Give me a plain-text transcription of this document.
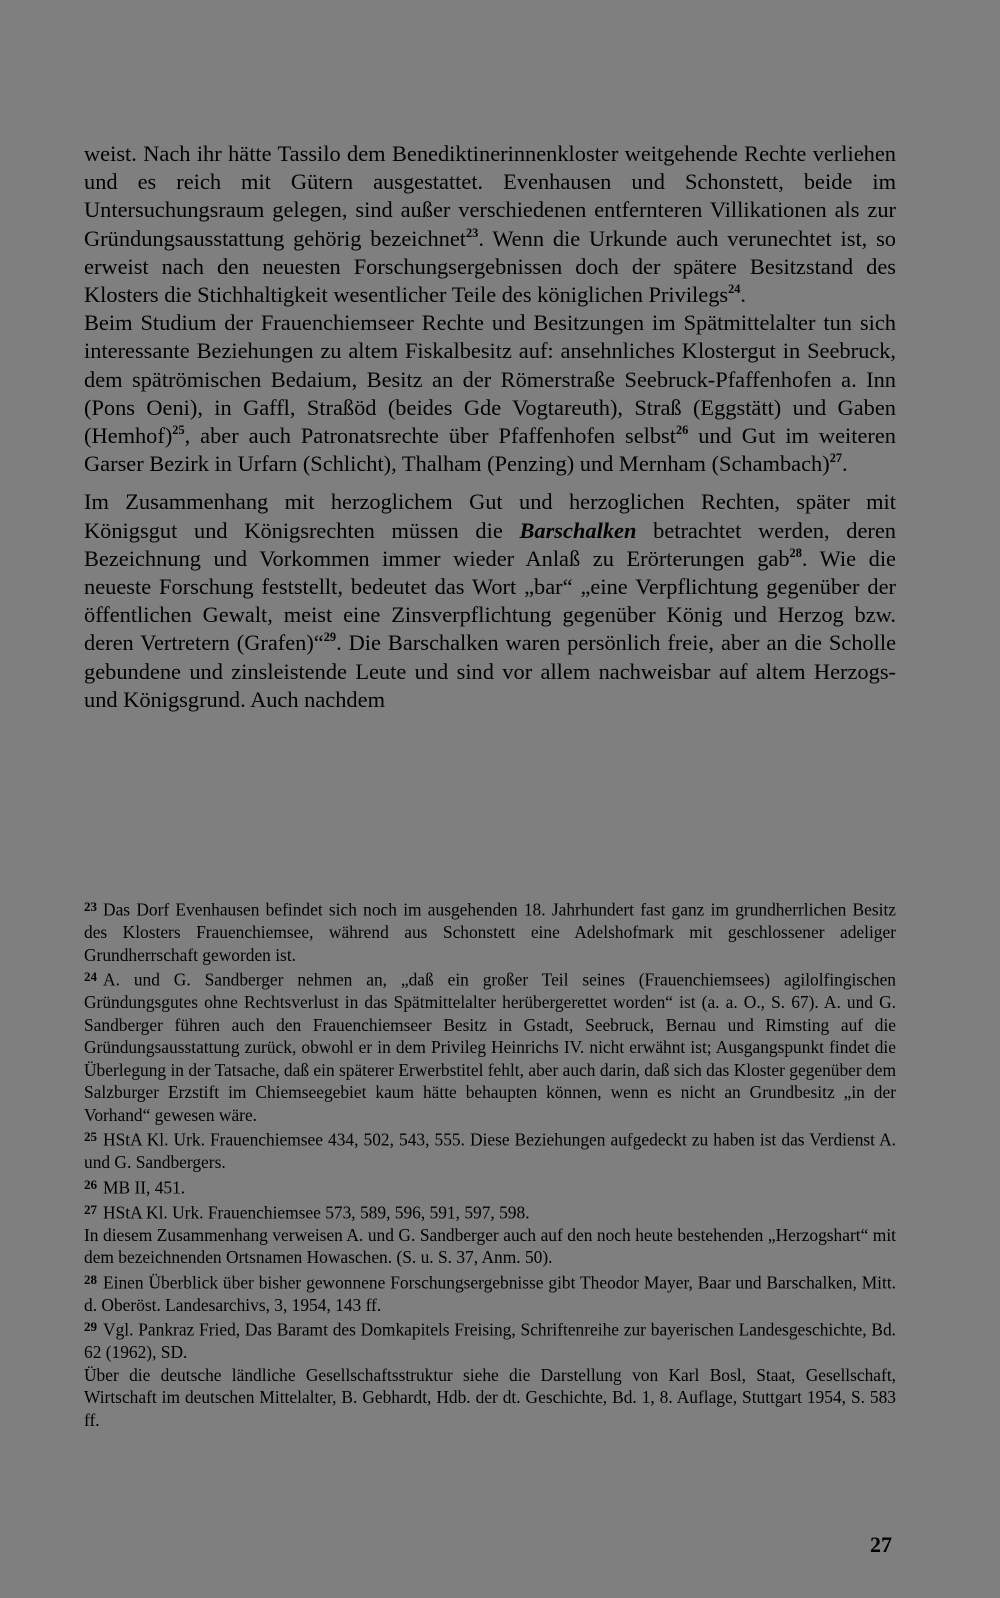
weist. Nach ihr hätte Tassilo dem Benediktinerinnenkloster weitgehende Rechte verliehen und es reich mit Gütern ausgestattet. Evenhausen und Schonstett, beide im Untersuchungsraum gelegen, sind außer verschiedenen entfernteren Villikationen als zur Gründungsausstattung gehörig bezeichnet$^{23}$. Wenn die Urkunde auch verunechtet ist, so erweist nach den neuesten Forschungsergebnissen doch der spätere Besitzstand des Klosters die Stichhaltigkeit wesentlicher Teile des königlichen Privilegs$^{24}$.

Beim Studium der Frauenchiemseer Rechte und Besitzungen im Spätmittelalter tun sich interessante Beziehungen zu altem Fiskalbesitz auf: ansehnliches Klostergut in Seebruck, dem spätrömischen Bedaium, Besitz an der Römerstraße Seebruck-Pfaffenhofen a. Inn (Pons Oeni), in Gaffl, Straßöd (beides Gde Vogtareuth), Straß (Eggstätt) und Gaben (Hemhof)$^{25}$, aber auch Patronatsrechte über Pfaffenhofen selbst$^{26}$ und Gut im weiteren Garser Bezirk in Urfarn (Schlicht), Thalham (Penzing) und Mernham (Schambach)$^{27}$.

Im Zusammenhang mit herzoglichem Gut und herzoglichen Rechten, später mit Königsgut und Königsrechten müssen die Barschalken betrachtet werden, deren Bezeichnung und Vorkommen immer wieder Anlaß zu Erörterungen gab$^{28}$. Wie die neueste Forschung feststellt, bedeutet das Wort „bar“ „eine Verpflichtung gegenüber der öffentlichen Gewalt, meist eine Zinsverpflichtung gegenüber König und Herzog bzw. deren Vertretern (Grafen)“$^{29}$. Die Barschalken waren persönlich freie, aber an die Scholle gebundene und zinsleistende Leute und sind vor allem nachweisbar auf altem Herzogs- und Königsgrund. Auch nachdem

$^{23}$ Das Dorf Evenhausen befindet sich noch im ausgehenden 18. Jahrhundert fast ganz im grundherrlichen Besitz des Klosters Frauenchiemsee, während aus Schonstett eine Adelshofmark mit geschlossener adeliger Grundherrschaft geworden ist.

$^{24}$ A. und G. Sandberger nehmen an, „daß ein großer Teil seines (Frauenchiemsees) agilolfingischen Gründungsgutes ohne Rechtsverlust in das Spätmittelalter herübergerettet worden“ ist (a. a. O., S. 67). A. und G. Sandberger führen auch den Frauenchiemseer Besitz in Gstadt, Seebruck, Bernau und Rimsting auf die Gründungsausstattung zurück, obwohl er in dem Privileg Heinrichs IV. nicht erwähnt ist; Ausgangspunkt findet die Überlegung in der Tatsache, daß ein späterer Erwerbstitel fehlt, aber auch darin, daß sich das Kloster gegenüber dem Salzburger Erzstift im Chiemseegebiet kaum hätte behaupten können, wenn es nicht an Grundbesitz „in der Vorhand“ gewesen wäre.

$^{25}$ HStA Kl. Urk. Frauenchiemsee 434, 502, 543, 555. Diese Beziehungen aufgedeckt zu haben ist das Verdienst A. und G. Sandbergers.

$^{26}$ MB II, 451.

$^{27}$ HStA Kl. Urk. Frauenchiemsee 573, 589, 596, 591, 597, 598.

In diesem Zusammenhang verweisen A. und G. Sandberger auch auf den noch heute bestehenden „Herzogshart“ mit dem bezeichnenden Ortsnamen Howaschen. (S. u. S. 37, Anm. 50).

$^{28}$ Einen Überblick über bisher gewonnene Forschungsergebnisse gibt Theodor Mayer, Baar und Barschalken, Mitt. d. Oberöst. Landesarchivs, 3, 1954, 143 ff.

$^{29}$ Vgl. Pankraz Fried, Das Baramt des Domkapitels Freising, Schriftenreihe zur bayerischen Landesgeschichte, Bd. 62 (1962), SD.

Über die deutsche ländliche Gesellschaftsstruktur siehe die Darstellung von Karl Bosl, Staat, Gesellschaft, Wirtschaft im deutschen Mittelalter, B. Gebhardt, Hdb. der dt. Geschichte, Bd. 1, 8. Auflage, Stuttgart 1954, S. 583 ff.

27
